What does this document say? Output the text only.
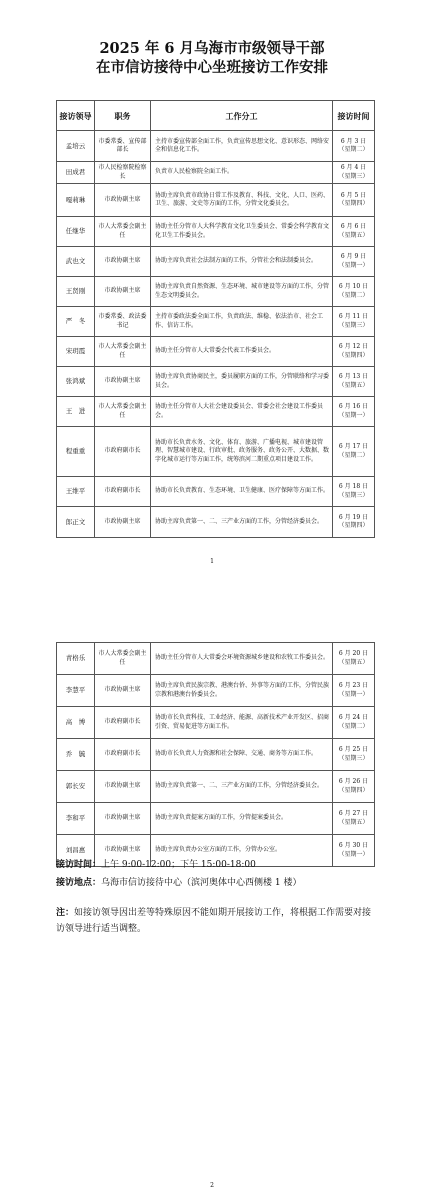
2025 年 6 月乌海市市级领导干部
在市信访接待中心坐班接访工作安排
接访领导	职务	工作分工	接访时间
孟培云	市委常委、宣传部部长	主持市委宣传部全面工作，负责宣传思想文化、意识形态、网络安全和信息化工作。	6 月 3 日（星期二）
田成君	市人民检察院检察长	负责市人民检察院全面工作。	6 月 4 日（星期三）
嘎莉琳	市政协副主席	协助主席负责市政协日常工作及教育、科技、文化、人口、医药、卫生、旅游、文史等方面的工作，分管文化委员会。	6 月 5 日（星期四）
任继华	市人大常委会副主任	协助主任分管市人大科学教育文化卫生委员会、常委会科学教育文化卫生工作委员会。	6 月 6 日（星期五）
武也文	市政协副主席	协助主席负责社会法制方面的工作，分管社会和法制委员会。	6 月 9 日（星期一）
王贤刚	市政协副主席	协助主席负责自然资源、生态环境、城市建设等方面的工作，分管生态文明委员会。	6 月 10 日（星期二）
严　冬	市委常委、政法委书记	主持市委政法委全面工作，负责政法、维稳、依法治市、社会工作、信访工作。	6 月 11 日（星期三）
宋玥霞	市人大常委会副主任	协助主任分管市人大常委会代表工作委员会。	6 月 12 日（星期四）
张鸿斌	市政协副主席	协助主席负责协商民主，委员履职方面的工作，分管联络和学习委员会。	6 月 13 日（星期五）
王　进	市人大常委会副主任	协助主任分管市人大社会建设委员会、常委会社会建设工作委员会。	6 月 16 日（星期一）
程重重	市政府副市长	协助市长负责水务、文化、体育、旅游、广播电视、城市建设管理、智慧城市建设、行政审批、政务服务、政务公开、大数据、数字化城市运行等方面工作，统筹滨河二期重点项目建设工作。	6 月 17 日（星期二）
王维平	市政府副市长	协助市长负责教育、生态环境、卫生健康、医疗保障等方面工作。	6 月 18 日（星期三）
郎正文	市政协副主席	协助主席负责第一、二、三产业方面的工作，分管经济委员会。	6 月 19 日（星期四）
1
青格乐	市人大常委会副主任	协助主任分管市人大常委会环境资源城乡建设和农牧工作委员会。	6 月 20 日（星期五）
李慧平	市政协副主席	协助主席负责民族宗教、港澳台侨、外事等方面的工作，分管民族宗教和港澳台侨委员会。	6 月 23 日（星期一）
高　博	市政府副市长	协助市长负责科技、工业经济、能源、高新技术产业开发区、招商引资、贸易促进等方面工作。	6 月 24 日（星期二）
乔　毓	市政府副市长	协助市长负责人力资源和社会保障、交通、商务等方面工作。	6 月 25 日（星期三）
郭长安	市政协副主席	协助主席负责第一、二、三产业方面的工作，分管经济委员会。	6 月 26 日（星期四）
李和平	市政协副主席	协助主席负责提案方面的工作，分管提案委员会。	6 月 27 日（星期五）
刘昌惠	市政协副主席	协助主席负责办公室方面的工作，分管办公室。	6 月 30 日（星期一）
接访时间：上午 9:00-12:00；下午 15:00-18:00
接访地点：乌海市信访接待中心（滨河奥体中心西侧楼 1 楼）
注：如接访领导因出差等特殊原因不能如期开展接访工作，将根据工作需要对接访领导进行适当调整。
2
